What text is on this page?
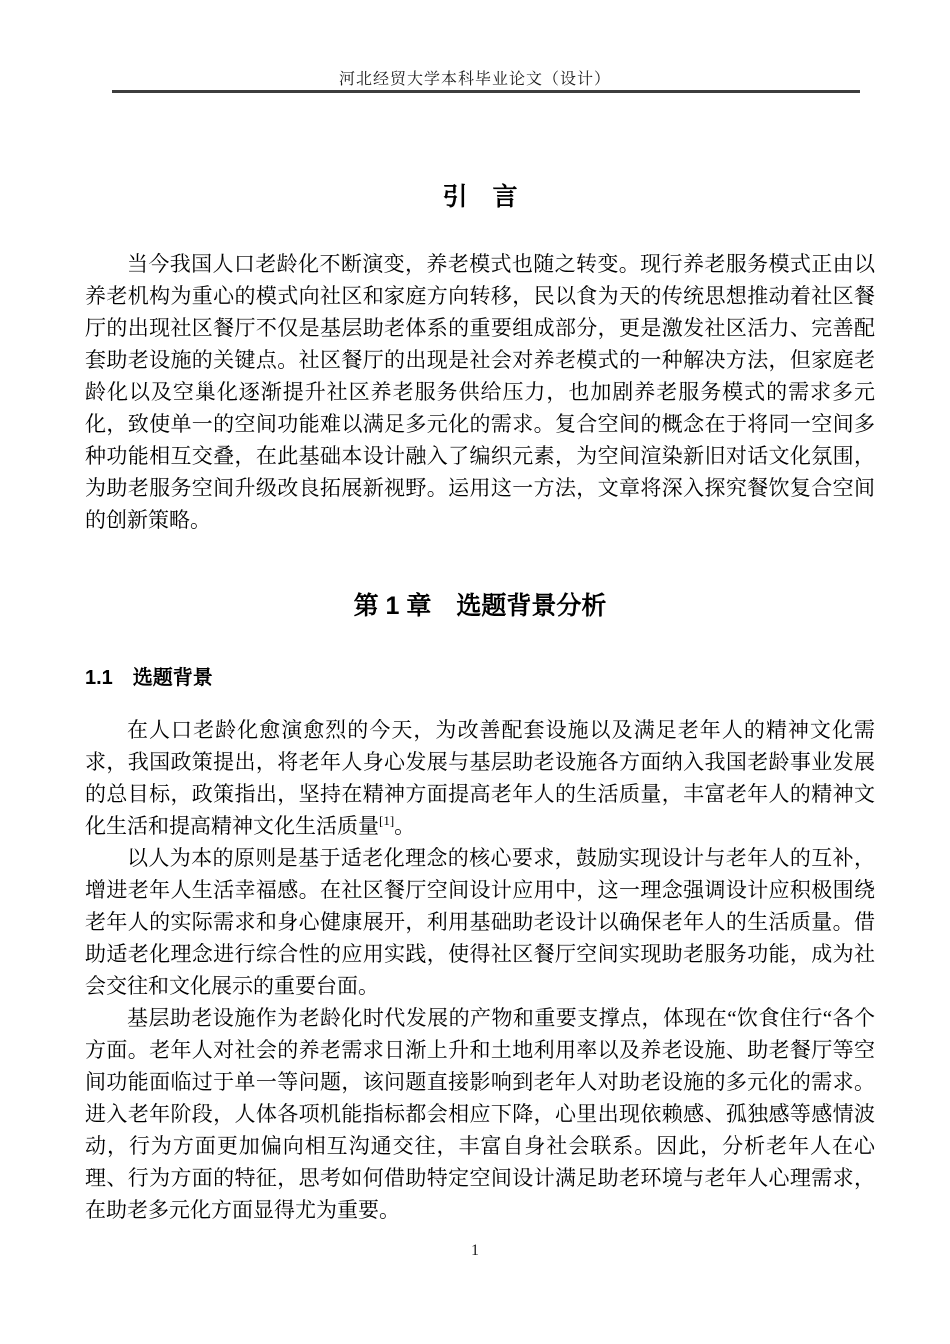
河北经贸大学本科毕业论文（设计）
引　言

当今我国人口老龄化不断演变，养老模式也随之转变。现行养老服务模式正由以养老机构为重心的模式向社区和家庭方向转移，民以食为天的传统思想推动着社区餐厅的出现社区餐厅不仅是基层助老体系的重要组成部分，更是激发社区活力、完善配套助老设施的关键点。社区餐厅的出现是社会对养老模式的一种解决方法，但家庭老龄化以及空巢化逐渐提升社区养老服务供给压力，也加剧养老服务模式的需求多元化，致使单一的空间功能难以满足多元化的需求。复合空间的概念在于将同一空间多种功能相互交叠，在此基础本设计融入了编织元素，为空间渲染新旧对话文化氛围，为助老服务空间升级改良拓展新视野。运用这一方法，文章将深入探究餐饮复合空间的创新策略。

第 1 章　选题背景分析
1.1　选题背景

在人口老龄化愈演愈烈的今天，为改善配套设施以及满足老年人的精神文化需求，我国政策提出，将老年人身心发展与基层助老设施各方面纳入我国老龄事业发展的总目标，政策指出，坚持在精神方面提高老年人的生活质量，丰富老年人的精神文化生活和提高精神文化生活质量[1]。

以人为本的原则是基于适老化理念的核心要求，鼓励实现设计与老年人的互补，增进老年人生活幸福感。在社区餐厅空间设计应用中，这一理念强调设计应积极围绕老年人的实际需求和身心健康展开，利用基础助老设计以确保老年人的生活质量。借助适老化理念进行综合性的应用实践，使得社区餐厅空间实现助老服务功能，成为社会交往和文化展示的重要台面。

基层助老设施作为老龄化时代发展的产物和重要支撑点，体现在“饮食住行“各个方面。老年人对社会的养老需求日渐上升和土地利用率以及养老设施、助老餐厅等空间功能面临过于单一等问题，该问题直接影响到老年人对助老设施的多元化的需求。进入老年阶段，人体各项机能指标都会相应下降，心里出现依赖感、孤独感等感情波动，行为方面更加偏向相互沟通交往，丰富自身社会联系。因此，分析老年人在心理、行为方面的特征，思考如何借助特定空间设计满足助老环境与老年人心理需求，在助老多元化方面显得尤为重要。

1
